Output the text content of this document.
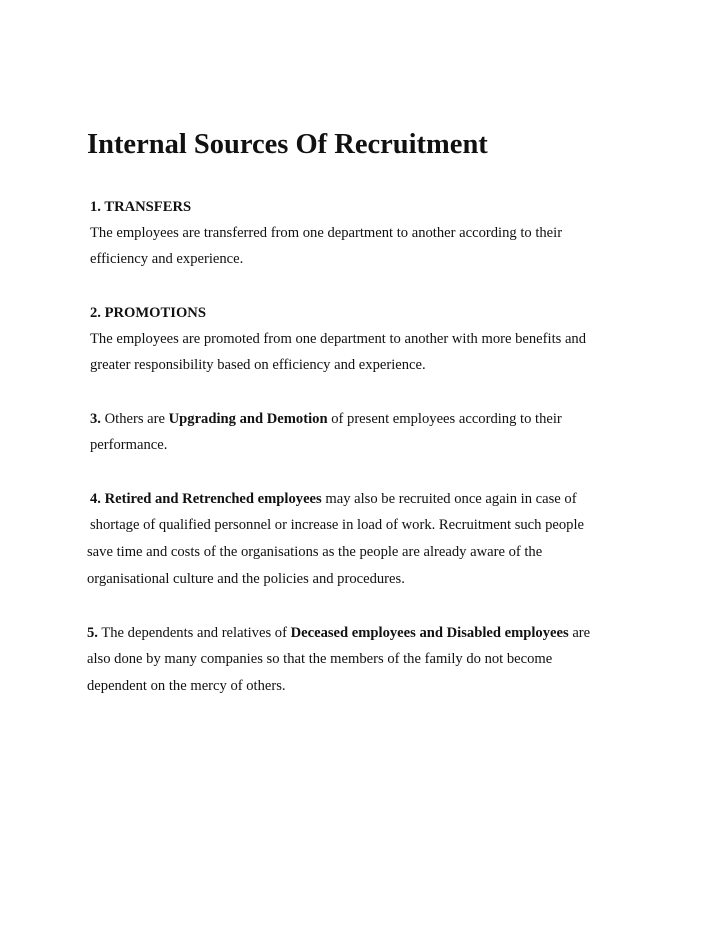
Internal Sources Of Recruitment

1. TRANSFERS

The employees are transferred from one department to another according to their

efficiency and experience.

2. PROMOTIONS

The employees are promoted from one department to another with more benefits and

greater responsibility based on efficiency and experience.

3. Others are Upgrading and Demotion of present employees according to their

performance.

4. Retired and Retrenched employees may also be recruited once again in case of

shortage of qualified personnel or increase in load of work. Recruitment such people

save time and costs of the organisations as the people are already aware of the

organisational culture and the policies and procedures.

5. The dependents and relatives of Deceased employees and Disabled employees are

also done by many companies so that the members of the family do not become

dependent on the mercy of others.
